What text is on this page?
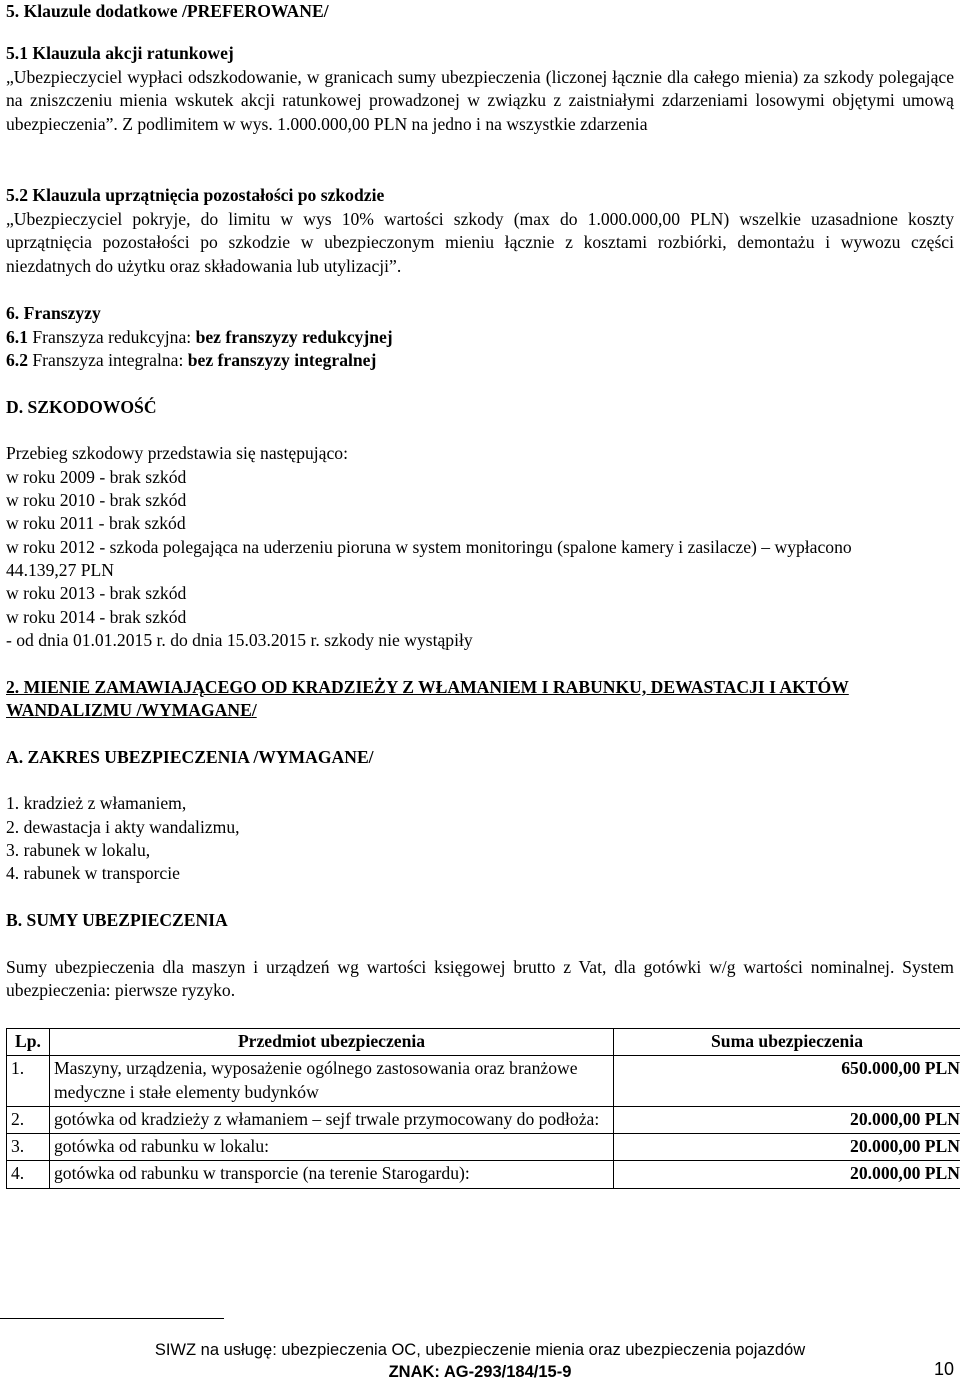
5. Klauzule dodatkowe /PREFEROWANE/

5.1 Klauzula akcji ratunkowej

„Ubezpieczyciel wypłaci odszkodowanie, w granicach sumy ubezpieczenia (liczonej łącznie dla całego mienia) za szkody polegające na zniszczeniu mienia wskutek akcji ratunkowej prowadzonej w związku z zaistniałymi zdarzeniami losowymi objętymi umową ubezpieczenia”. Z podlimitem w wys. 1.000.000,00 PLN na jedno i na wszystkie zdarzenia

5.2 Klauzula uprzątnięcia pozostałości po szkodzie

„Ubezpieczyciel pokryje, do limitu w wys 10% wartości szkody (max do 1.000.000,00 PLN) wszelkie uzasadnione koszty uprzątnięcia pozostałości po szkodzie w ubezpieczonym mieniu łącznie z kosztami rozbiórki, demontażu i wywozu części niezdatnych do użytku oraz składowania lub utylizacji”.

6. Franszyzy

6.1 Franszyza redukcyjna: bez franszyzy redukcyjnej

6.2 Franszyza integralna: bez franszyzy integralnej

D. SZKODOWOŚĆ

Przebieg szkodowy przedstawia się następująco:

w roku 2009 - brak szkód

w roku 2010 - brak szkód

w roku 2011 - brak szkód

w roku 2012 - szkoda polegająca na uderzeniu pioruna w system monitoringu (spalone kamery i zasilacze) – wypłacono 44.139,27 PLN

w roku 2013 - brak szkód

w roku 2014 - brak szkód

- od dnia 01.01.2015 r. do dnia 15.03.2015 r. szkody nie wystąpiły

2. MIENIE ZAMAWIAJĄCEGO OD KRADZIEŻY Z WŁAMANIEM I RABUNKU, DEWASTACJI I AKTÓW WANDALIZMU /WYMAGANE/

A. ZAKRES UBEZPIECZENIA /WYMAGANE/

1. kradzież z włamaniem,

2. dewastacja i akty wandalizmu,

3. rabunek w lokalu,

4. rabunek w transporcie

B. SUMY UBEZPIECZENIA

Sumy ubezpieczenia dla maszyn i urządzeń wg wartości księgowej brutto z Vat, dla gotówki w/g wartości nominalnej. System ubezpieczenia: pierwsze ryzyko.

Lp.	Przedmiot ubezpieczenia	Suma ubezpieczenia
1.	Maszyny, urządzenia, wyposażenie ogólnego zastosowania oraz branżowe medyczne i stałe elementy budynków	650.000,00 PLN
2.	gotówka od kradzieży z włamaniem – sejf trwale przymocowany do podłoża:	20.000,00 PLN
3.	gotówka od rabunku w lokalu:	20.000,00 PLN
4.	gotówka od rabunku w transporcie (na terenie Starogardu):	20.000,00 PLN
SIWZ na usługę: ubezpieczenia OC, ubezpieczenie mienia oraz ubezpieczenia pojazdów
ZNAK: AG-293/184/15-9	10
